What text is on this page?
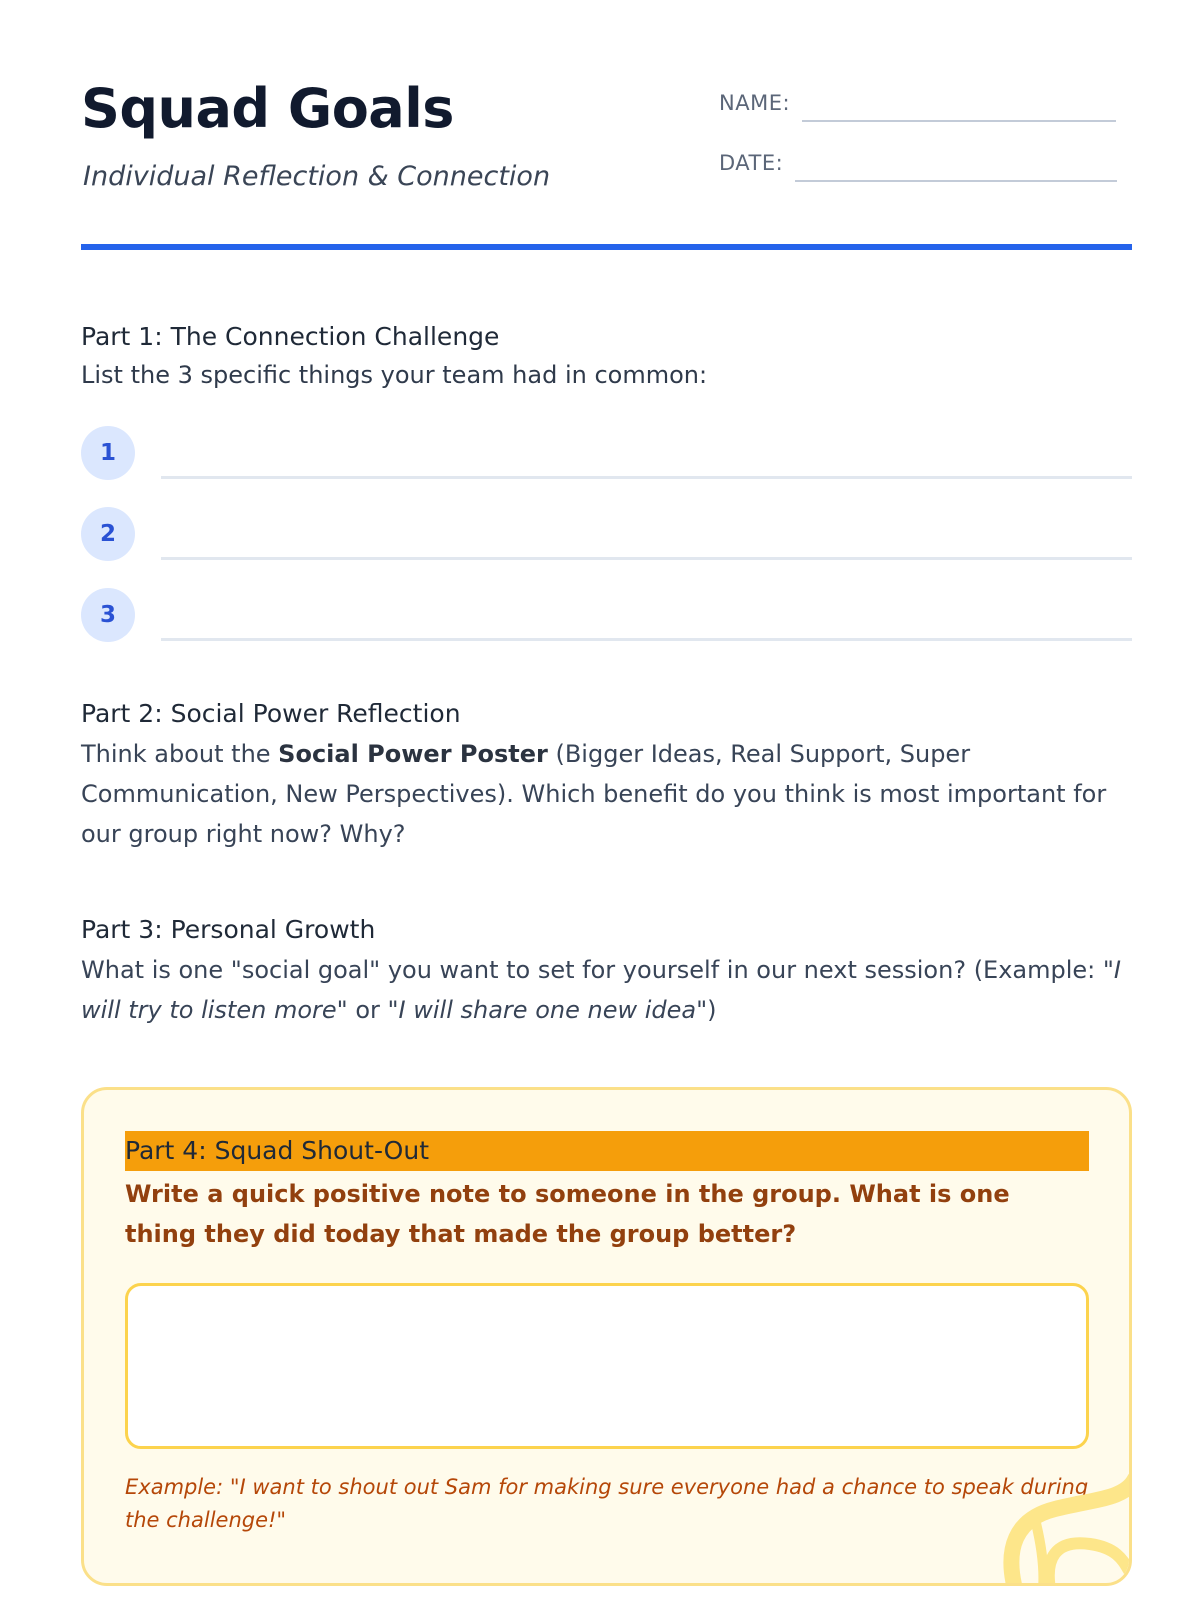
Squad Goals

Individual Reflection & Connection

NAME:
DATE:
Part 1: The Connection Challenge
List the 3 specific things your team had in common:
1
2
3
Part 2: Social Power Reflection
Think about the Social Power Poster (Bigger Ideas, Real Support, Super Communication, New Perspectives). Which benefit do you think is most important for our group right now? Why?
Part 3: Personal Growth
What is one "social goal" you want to set for yourself in our next session? (Example: "I will try to listen more" or "I will share one new idea")
Part 4: Squad Shout-Out
Write a quick positive note to someone in the group. What is one thing they did today that made the group better?
Example: "I want to shout out Sam for making sure everyone had a chance to speak during the challenge!"
